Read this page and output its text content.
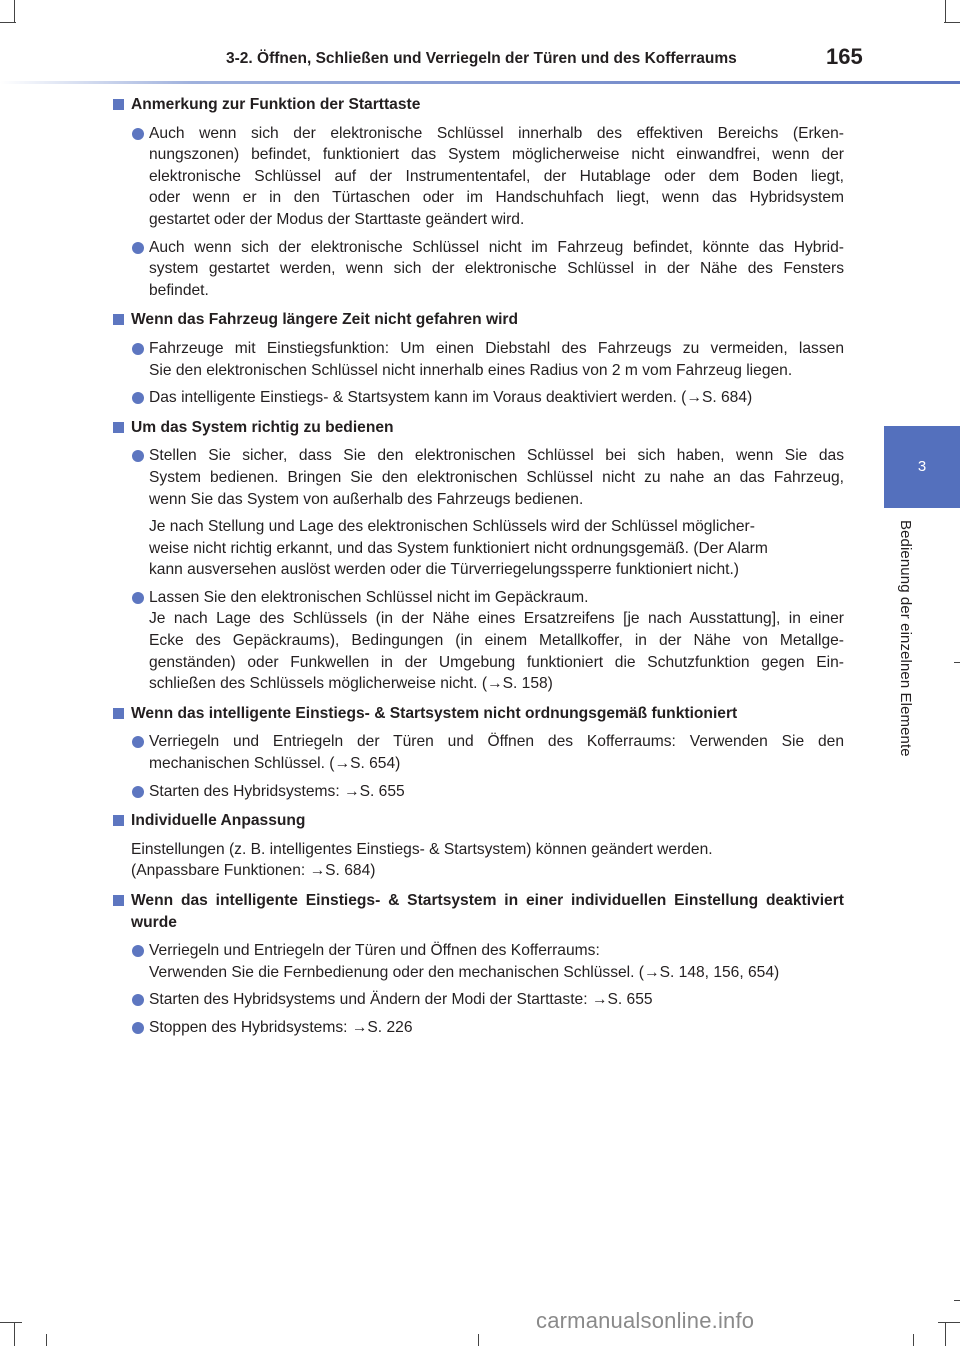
3-2. Öffnen, Schließen und Verriegeln der Türen und des Kofferraums	165
3
Bedienung der einzelnen Elemente
Anmerkung zur Funktion der Starttaste
Auch wenn sich der elektronische Schlüssel innerhalb des effektiven Bereichs (Erken-
nungszonen) befindet, funktioniert das System möglicherweise nicht einwandfrei, wenn der
elektronische Schlüssel auf der Instrumententafel, der Hutablage oder dem Boden liegt,
oder wenn er in den Türtaschen oder im Handschuhfach liegt, wenn das Hybridsystem
gestartet oder der Modus der Starttaste geändert wird.
Auch wenn sich der elektronische Schlüssel nicht im Fahrzeug befindet, könnte das Hybrid-
system gestartet werden, wenn sich der elektronische Schlüssel in der Nähe des Fensters
befindet.
Wenn das Fahrzeug längere Zeit nicht gefahren wird
Fahrzeuge mit Einstiegsfunktion: Um einen Diebstahl des Fahrzeugs zu vermeiden, lassen
Sie den elektronischen Schlüssel nicht innerhalb eines Radius von 2 m vom Fahrzeug liegen.
Das intelligente Einstiegs- & Startsystem kann im Voraus deaktiviert werden. (→S. 684)
Um das System richtig zu bedienen
Stellen Sie sicher, dass Sie den elektronischen Schlüssel bei sich haben, wenn Sie das
System bedienen. Bringen Sie den elektronischen Schlüssel nicht zu nahe an das Fahrzeug,
wenn Sie das System von außerhalb des Fahrzeugs bedienen.
Je nach Stellung und Lage des elektronischen Schlüssels wird der Schlüssel möglicher-
weise nicht richtig erkannt, und das System funktioniert nicht ordnungsgemäß. (Der Alarm
kann ausversehen auslöst werden oder die Türverriegelungssperre funktioniert nicht.)
Lassen Sie den elektronischen Schlüssel nicht im Gepäckraum.
Je nach Lage des Schlüssels (in der Nähe eines Ersatzreifens [je nach Ausstattung], in einer
Ecke des Gepäckraums), Bedingungen (in einem Metallkoffer, in der Nähe von Metallge-
genständen) oder Funkwellen in der Umgebung funktioniert die Schutzfunktion gegen Ein-
schließen des Schlüssels möglicherweise nicht. (→S. 158)
Wenn das intelligente Einstiegs- & Startsystem nicht ordnungsgemäß funktioniert
Verriegeln und Entriegeln der Türen und Öffnen des Kofferraums: Verwenden Sie den
mechanischen Schlüssel. (→S. 654)
Starten des Hybridsystems: →S. 655
Individuelle Anpassung
Einstellungen (z. B. intelligentes Einstiegs- & Startsystem) können geändert werden.
(Anpassbare Funktionen: →S. 684)
Wenn das intelligente Einstiegs- & Startsystem in einer individuellen Einstellung deaktiviert
wurde
Verriegeln und Entriegeln der Türen und Öffnen des Kofferraums:
Verwenden Sie die Fernbedienung oder den mechanischen Schlüssel. (→S. 148, 156, 654)
Starten des Hybridsystems und Ändern der Modi der Starttaste: →S. 655
Stoppen des Hybridsystems: →S. 226
carmanualsonline.info
